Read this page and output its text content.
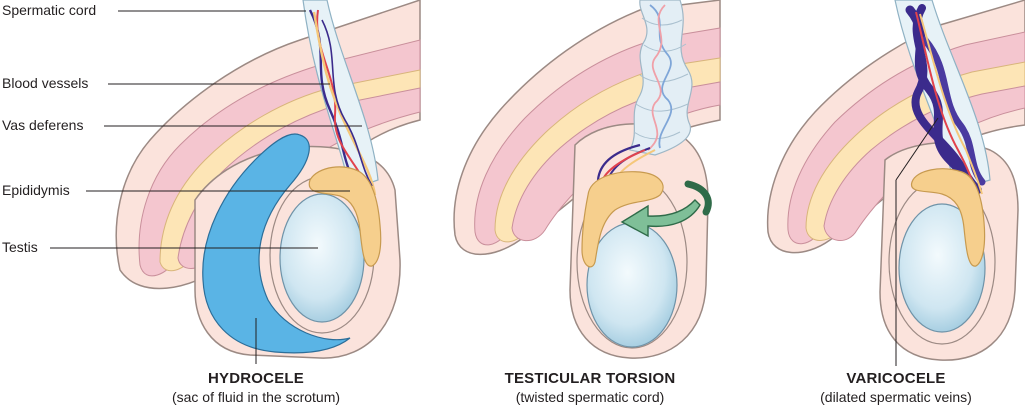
Spermatic cord
Blood vessels
Vas deferens
Epididymis
Testis
HYDROCELE
(sac of fluid in the scrotum)
TESTICULAR TORSION
(twisted spermatic cord)
VARICOCELE
(dilated spermatic veins)
